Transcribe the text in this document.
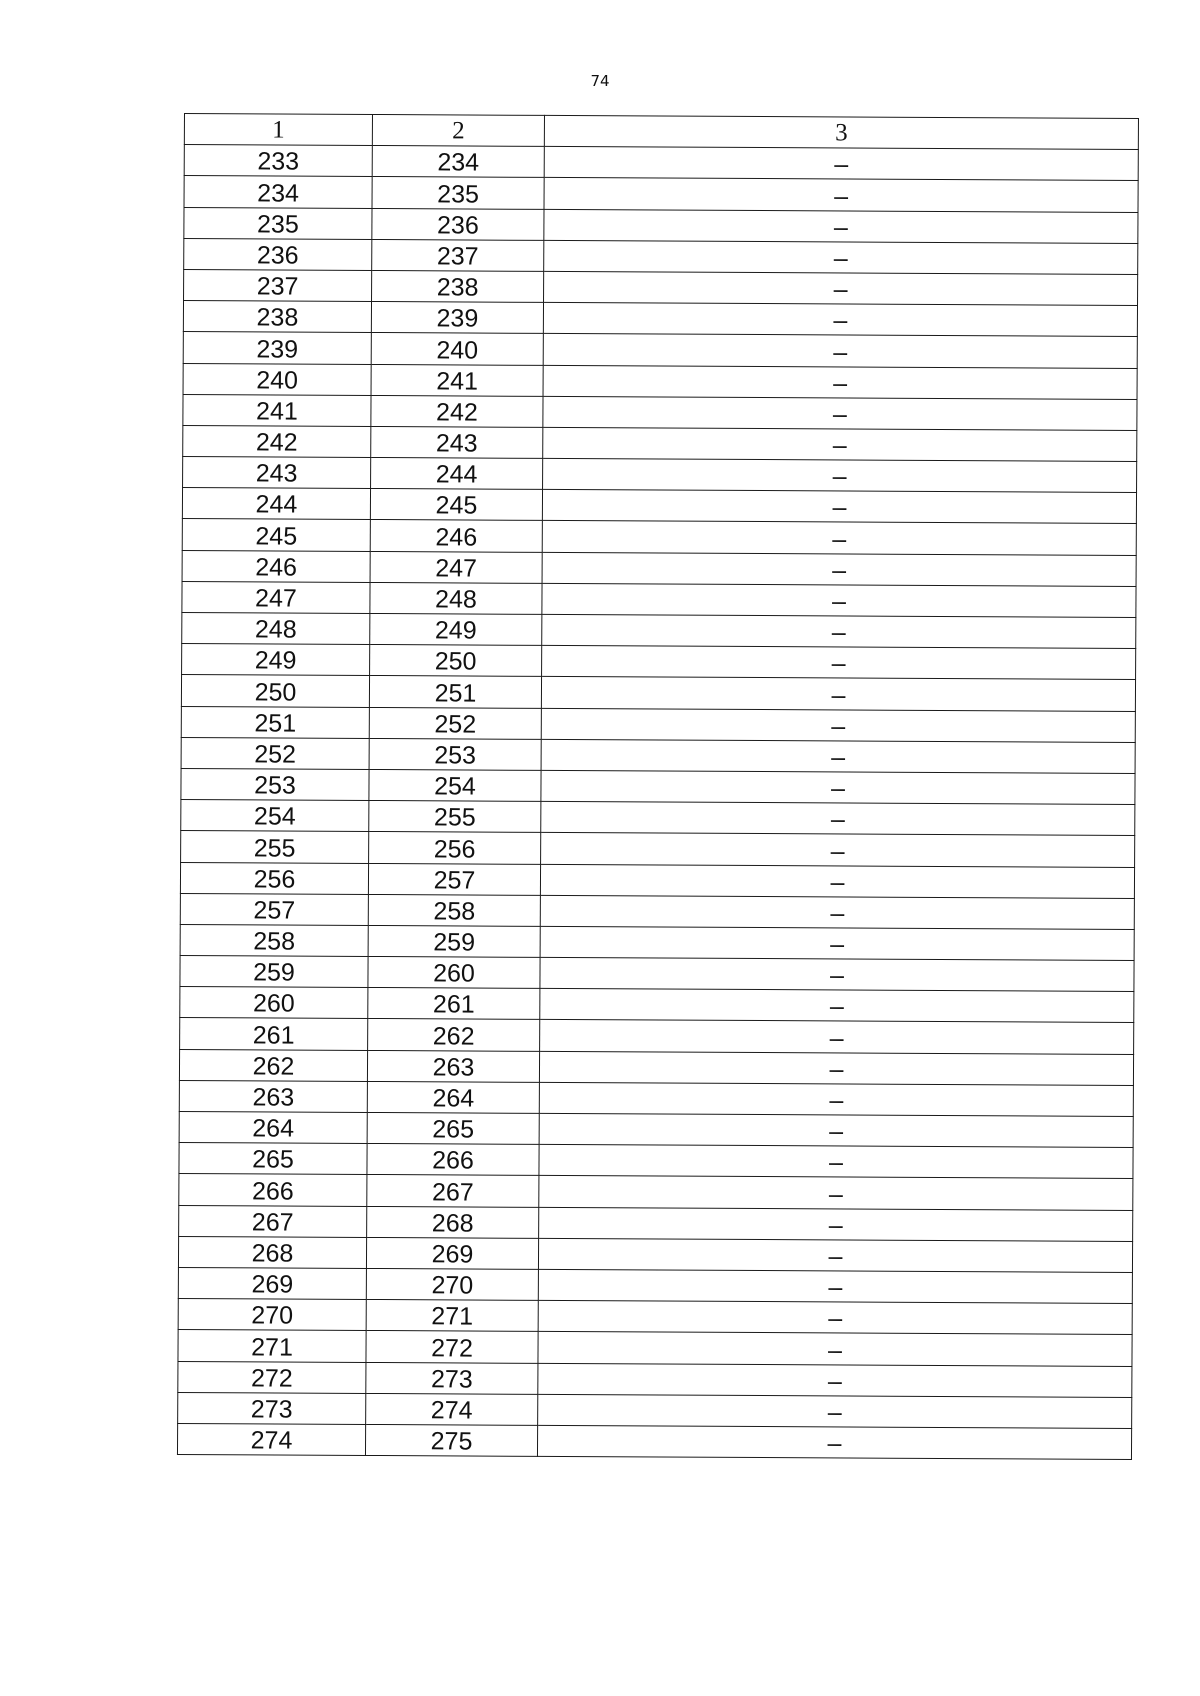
74
1	2	3
233	234	–
234	235	–
235	236	–
236	237	–
237	238	–
238	239	–
239	240	–
240	241	–
241	242	–
242	243	–
243	244	–
244	245	–
245	246	–
246	247	–
247	248	–
248	249	–
249	250	–
250	251	–
251	252	–
252	253	–
253	254	–
254	255	–
255	256	–
256	257	–
257	258	–
258	259	–
259	260	–
260	261	–
261	262	–
262	263	–
263	264	–
264	265	–
265	266	–
266	267	–
267	268	–
268	269	–
269	270	–
270	271	–
271	272	–
272	273	–
273	274	–
274	275	–
